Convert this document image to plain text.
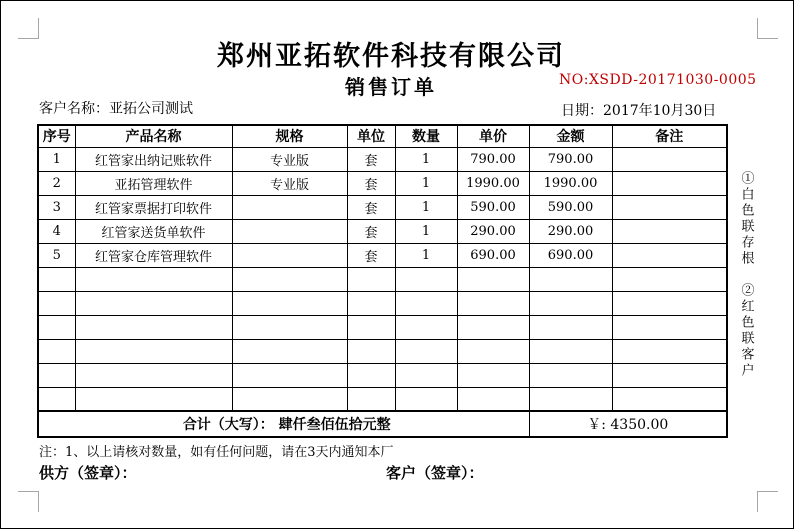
郑州亚拓软件科技有限公司
销售订单	NO:XSDD-20171030-0005
日期：2017年10月30日
客户名称：亚拓公司测试
序号	产品名称	规格	单位	数量	单价	金额	备注
1	红管家出纳记账软件	专业版	套	1	790.00	790.00	
2	亚拓管理软件	专业版	套	1	1990.00	1990.00	
3	红管家票据打印软件		套	1	590.00	590.00	
4	红管家送货单软件		套	1	290.00	290.00	
5	红管家仓库管理软件		套	1	690.00	690.00	

合计（大写）： 肆仟叁佰伍拾元整						￥: 4350.00	
①白色联存根
②红色联客户
注：1、以上请核对数量，如有任何问题，请在3天内通知本厂
供方（签章）：	客户（签章）：
